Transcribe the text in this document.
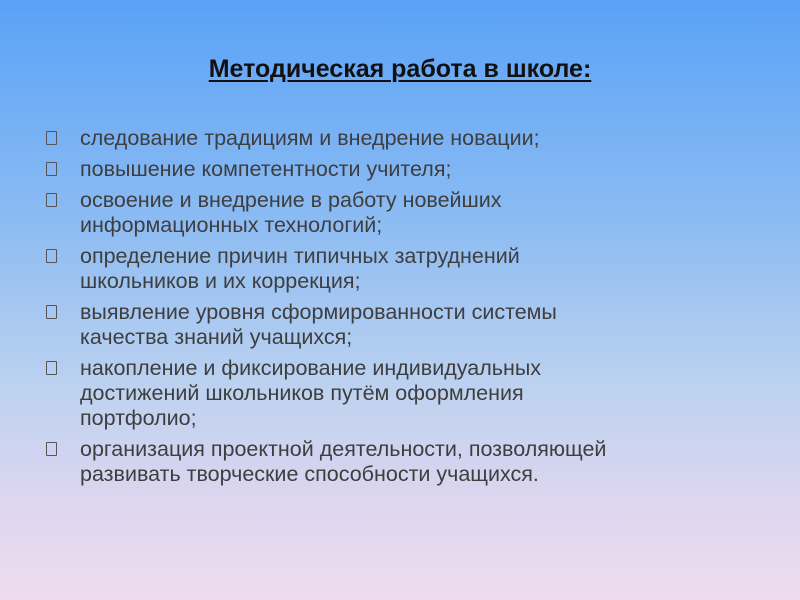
Методическая работа в школе:
следование традициям и внедрение новации;
повышение компетентности учителя;
освоение и внедрение в работу новейших
информационных технологий;
определение причин типичных затруднений
школьников и их коррекция;
выявление уровня сформированности системы
качества знаний учащихся;
накопление и фиксирование индивидуальных
достижений школьников путём оформления
портфолио;
организация проектной деятельности, позволяющей
развивать творческие способности учащихся.
